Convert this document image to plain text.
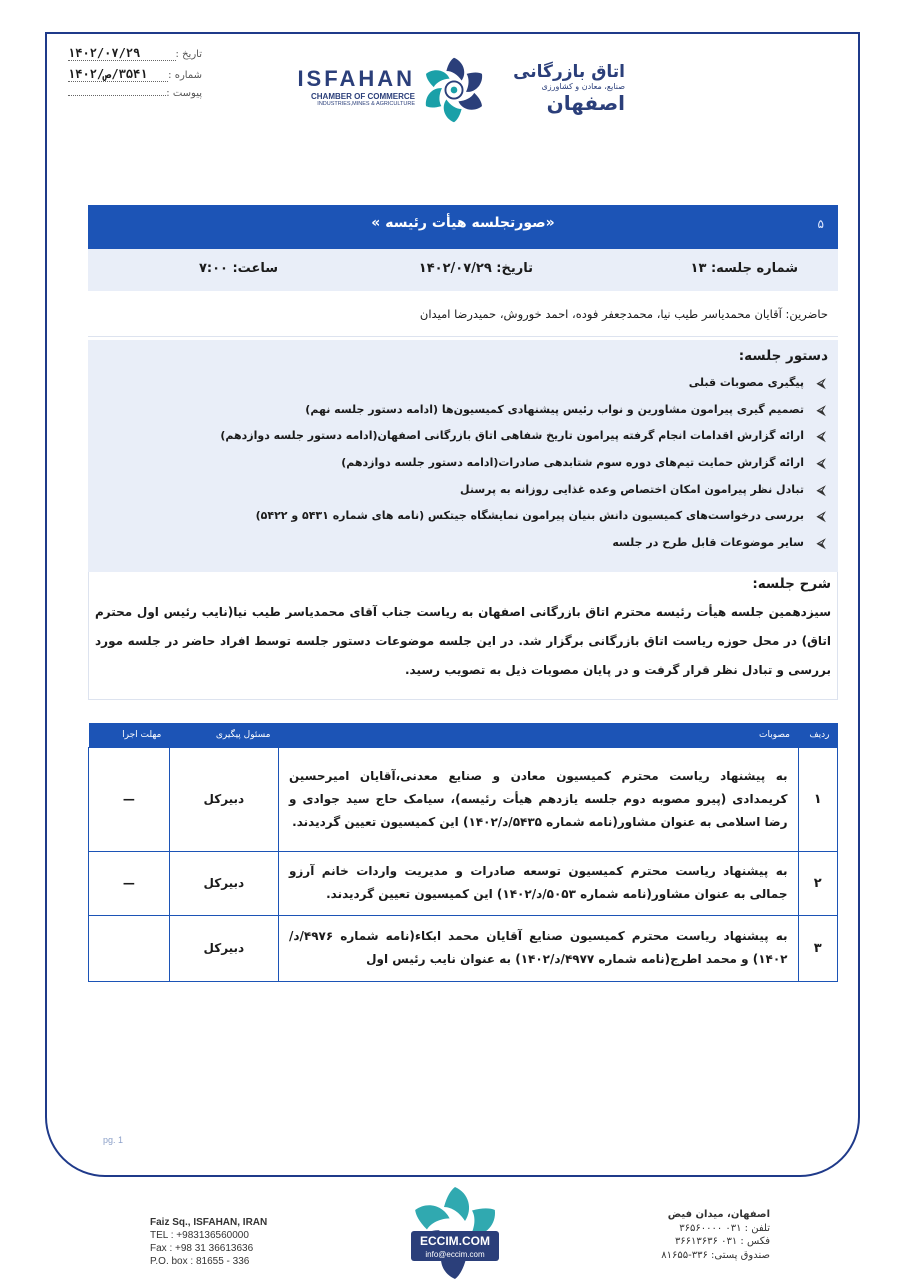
تاریخ :
۱۴۰۲/۰۷/۲۹
شماره :
۳۵۴۱/ص/۱۴۰۲
پیوست :
ISFAHAN
CHAMBER OF COMMERCE
INDUSTRIES,MINES & AGRICULTURE
اتاق بازرگانی
صنایع، معادن و کشاورزی
اصفهان
«صورتجلسه هیأت رئیسه »	۵
شماره جلسه: ۱۳
تاریخ: ۱۴۰۲/۰۷/۲۹
ساعت: ۷:۰۰
حاضرین: آقایان محمدیاسر طیب نیا، محمدجعفر فوده، احمد خوروش، حمیدرضا امیدان
دستور جلسه:
⮘
پیگیری مصوبات قبلی
⮘
تصمیم گیری پیرامون مشاورین و نواب رئیس پیشنهادی کمیسیون‌ها (ادامه دستور جلسه نهم)
⮘
ارائه گزارش اقدامات انجام گرفته پیرامون تاریخ شفاهی اتاق بازرگانی اصفهان(ادامه دستور جلسه دوازدهم)
⮘
ارائه گزارش حمایت تیم‌های دوره سوم شتابدهی صادرات(ادامه دستور جلسه دوازدهم)
⮘
تبادل نظر پیرامون امکان اختصاص وعده غذایی روزانه به پرسنل
⮘
بررسی درخواست‌های کمیسیون دانش بنیان پیرامون نمایشگاه جیتکس (نامه های شماره ۵۴۳۱ و ۵۴۲۲)
⮘
سایر موضوعات قابل طرح در جلسه
شرح جلسه:

سیزدهمین جلسه هیأت رئیسه محترم اتاق بازرگانی اصفهان به ریاست جناب آقای محمدیاسر طیب نیا(نایب رئیس اول محترم اتاق) در محل حوزه ریاست اتاق بازرگانی برگزار شد. در این جلسه موضوعات دستور جلسه توسط افراد حاضر در جلسه مورد بررسی و تبادل نظر قرار گرفت و در پایان مصوبات ذیل به تصویب رسید.

ردیف	مصوبات	مسئول پیگیری	مهلت اجرا
۱	به پیشنهاد ریاست محترم کمیسیون معادن و صنایع معدنی،آقایان امیرحسین کریمدادی (پیرو مصوبه دوم جلسه یازدهم هیأت رئیسه)، سیامک حاج سید جوادی و رضا اسلامی به عنوان مشاور(نامه شماره ۵۴۳۵/د/۱۴۰۲) این کمیسیون تعیین گردیدند.	دبیرکل	—
۲	به پیشنهاد ریاست محترم کمیسیون توسعه صادرات و مدیریت واردات خانم آرزو جمالی به عنوان مشاور(نامه شماره ۵۰۵۳/د/۱۴۰۲) این کمیسیون تعیین گردیدند.	دبیرکل	—
۳	به پیشنهاد ریاست محترم کمیسیون صنایع آقایان محمد ابکاء(نامه شماره ۴۹۷۶/د/۱۴۰۲) و محمد اطرج(نامه شماره ۴۹۷۷/د/۱۴۰۲) به عنوان نایب رئیس اول	دبیرکل	
pg. 1
Faiz Sq., ISFAHAN, IRAN
TEL : +983136560000
Fax : +98 31 36613636
P.O. box : 81655 - 336
ECCIM.COM
info@eccim.com
اصفهان، میدان فیض
تلفن : ۰۳۱ ۳۶۵۶۰۰۰۰
فکس : ۰۳۱ ۳۶۶۱۳۶۳۶
صندوق پستی: ۳۳۶-۸۱۶۵۵
